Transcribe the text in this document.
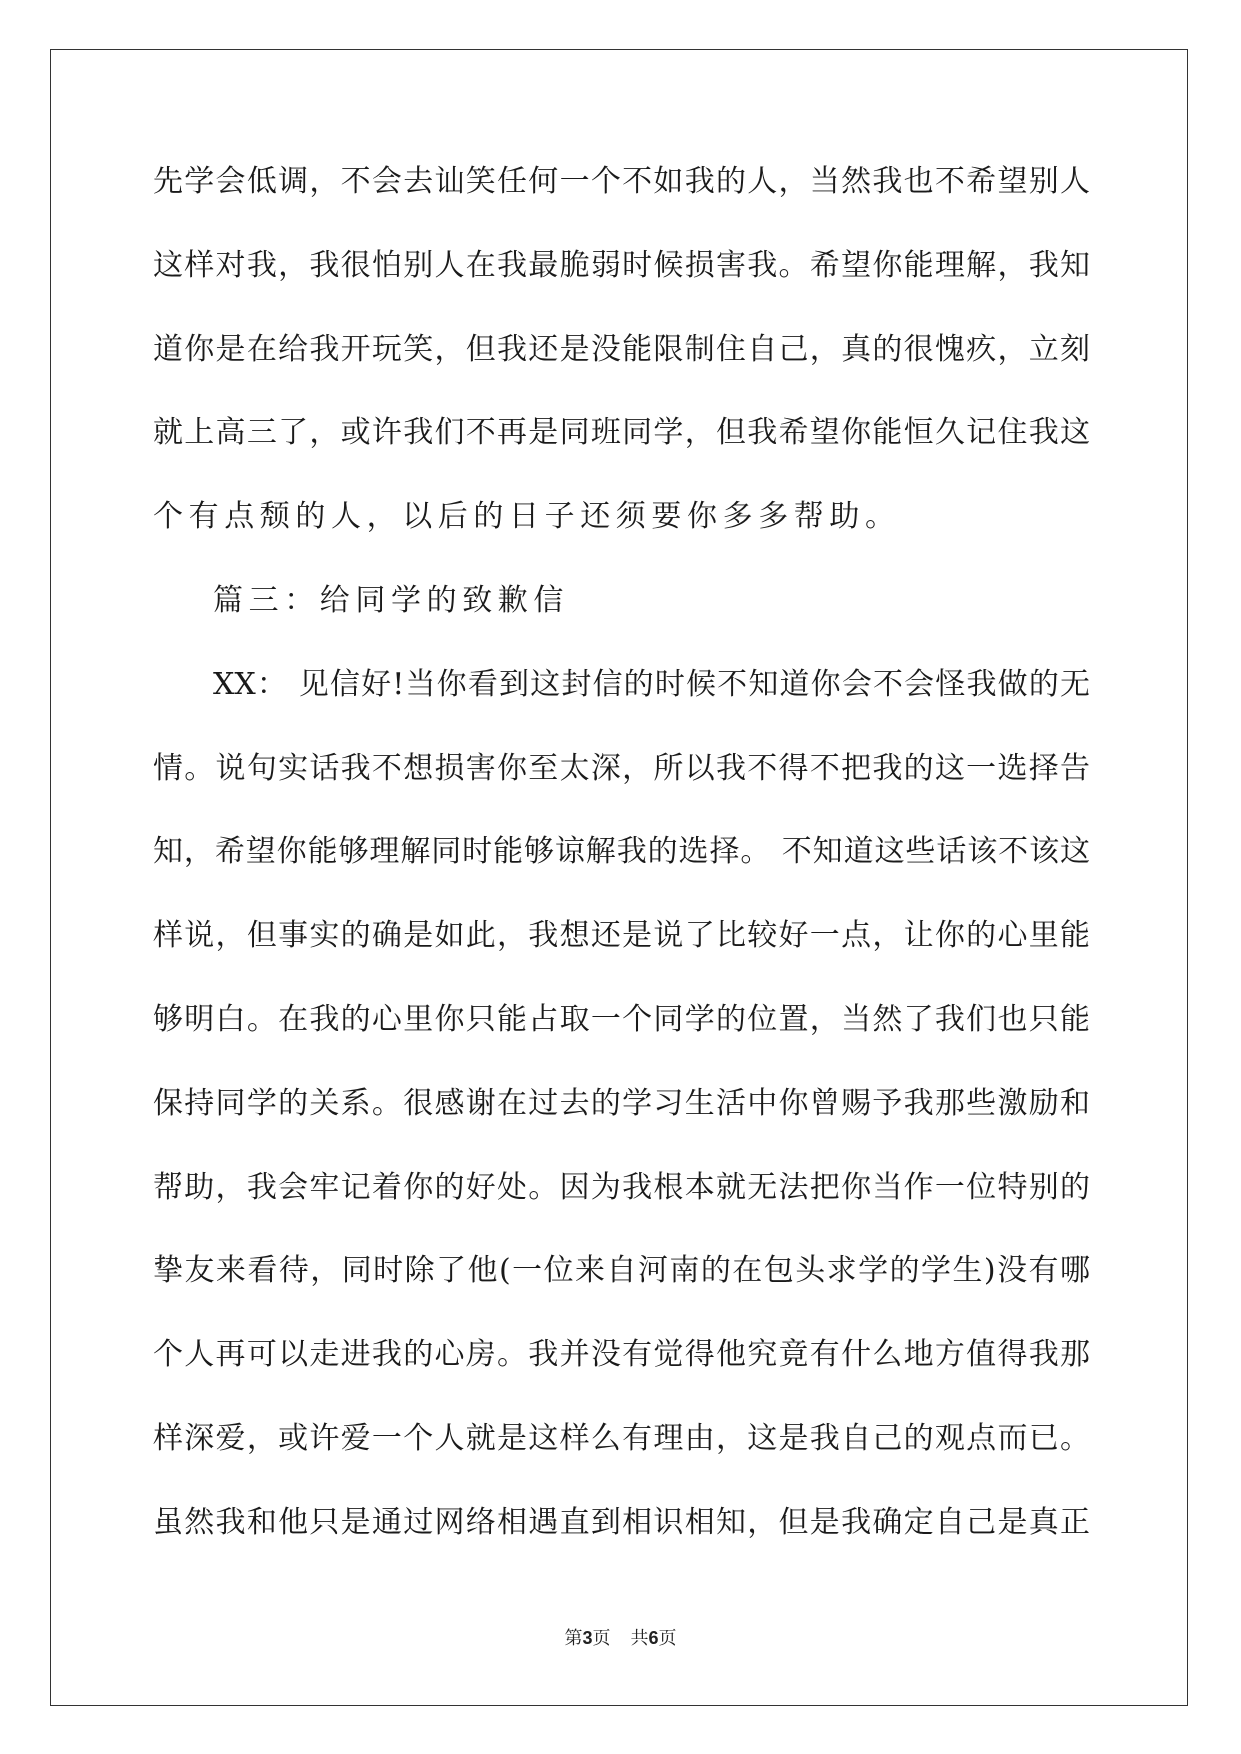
先学会低调，不会去讪笑任何一个不如我的人，当然我也不希望别人
这样对我，我很怕别人在我最脆弱时候损害我。希望你能理解，我知
道你是在给我开玩笑，但我还是没能限制住自己，真的很愧疚，立刻
就上高三了，或许我们不再是同班同学，但我希望你能恒久记住我这
个有点颓的人，以后的日子还须要你多多帮助。
篇三：给同学的致歉信
XX： 见信好!当你看到这封信的时候不知道你会不会怪我做的无
情。说句实话我不想损害你至太深，所以我不得不把我的这一选择告
知，希望你能够理解同时能够谅解我的选择。 不知道这些话该不该这
样说，但事实的确是如此，我想还是说了比较好一点，让你的心里能
够明白。在我的心里你只能占取一个同学的位置，当然了我们也只能
保持同学的关系。很感谢在过去的学习生活中你曾赐予我那些激励和
帮助，我会牢记着你的好处。因为我根本就无法把你当作一位特别的
挚友来看待，同时除了他(一位来自河南的在包头求学的学生)没有哪
个人再可以走进我的心房。我并没有觉得他究竟有什么地方值得我那
样深爱，或许爱一个人就是这样么有理由，这是我自己的观点而已。
虽然我和他只是通过网络相遇直到相识相知，但是我确定自己是真正
第3页 共6页
